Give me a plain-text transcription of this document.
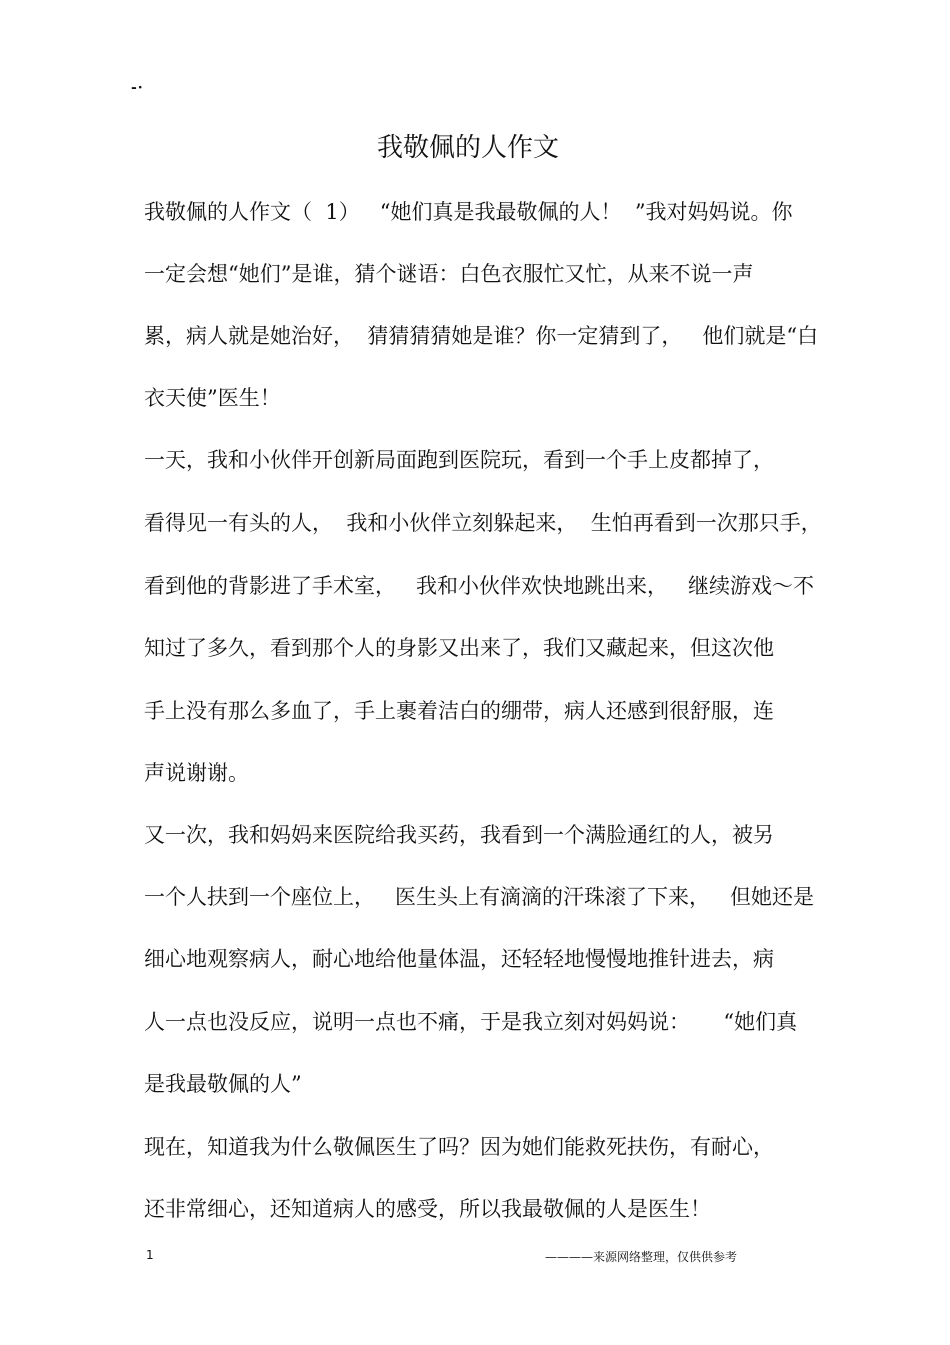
-·
我敬佩的人作文
我敬佩的人作文（  1）   “她们真是我最敬佩的人！  ”我对妈妈说。你
一定会想“她们”是谁，猜个谜语：白色衣服忙又忙，从来不说一声
累，病人就是她治好，  猜猜猜猜她是谁？你一定猜到了，   他们就是“白
衣天使”医生！
一天，我和小伙伴开创新局面跑到医院玩，看到一个手上皮都掉了，
看得见一有头的人，  我和小伙伴立刻躲起来，  生怕再看到一次那只手，
看到他的背影进了手术室，   我和小伙伴欢快地跳出来，   继续游戏～不
知过了多久，看到那个人的身影又出来了，我们又藏起来，但这次他
手上没有那么多血了，手上裹着洁白的绷带，病人还感到很舒服，连
声说谢谢。
又一次，我和妈妈来医院给我买药，我看到一个满脸通红的人，被另
一个人扶到一个座位上，   医生头上有滴滴的汗珠滚了下来，   但她还是
细心地观察病人，耐心地给他量体温，还轻轻地慢慢地推针进去，病
人一点也没反应，说明一点也不痛，于是我立刻对妈妈说：     “她们真
是我最敬佩的人”
现在，知道我为什么敬佩医生了吗？因为她们能救死扶伤，有耐心，
还非常细心，还知道病人的感受，所以我最敬佩的人是医生！
1	————来源网络整理，仅供供参考
